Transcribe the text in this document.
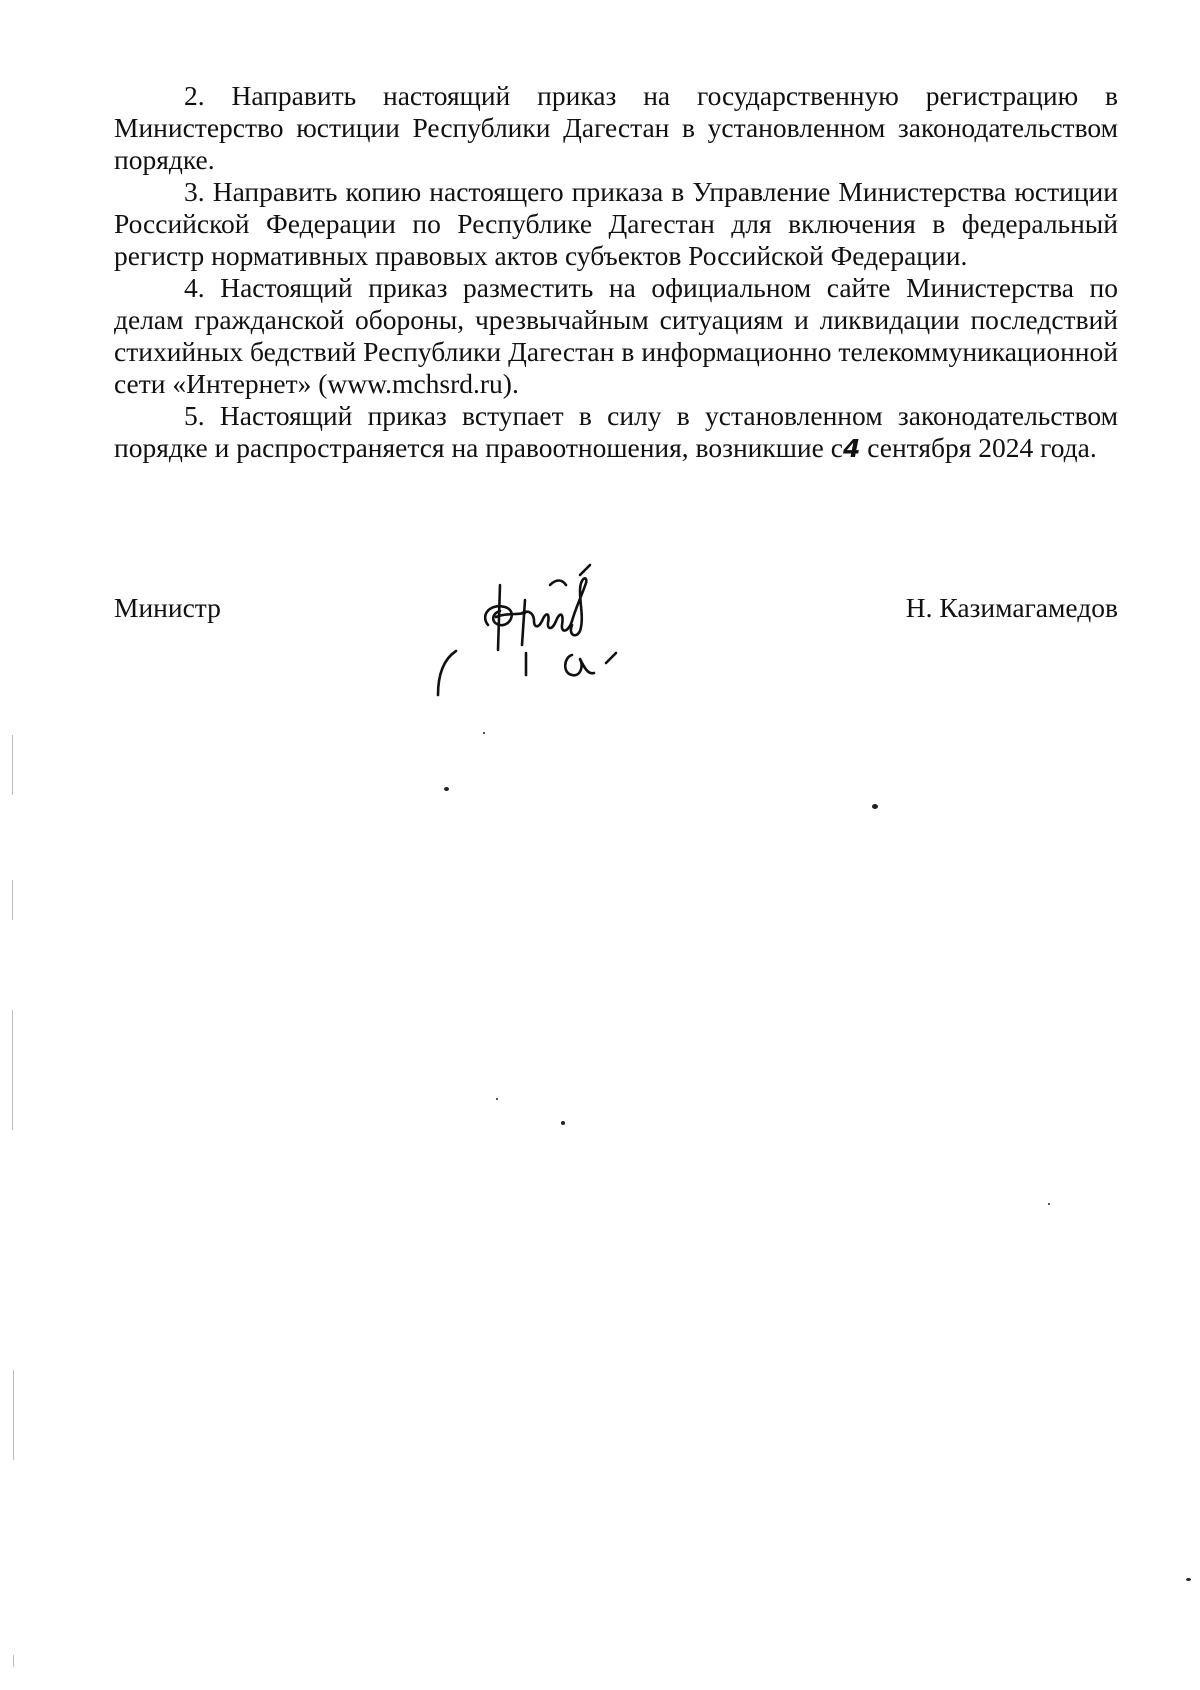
2. Направить настоящий приказ на государственную регистрацию в Министерство юстиции Республики Дагестан в установленном законодательством порядке.

3. Направить копию настоящего приказа в Управление Министерства юстиции Российской Федерации по Республике Дагестан для включения в федеральный регистр нормативных правовых актов субъектов Российской Федерации.

4. Настоящий приказ разместить на официальном сайте Министерства по делам гражданской обороны, чрезвычайным ситуациям и ликвидации последствий стихийных бедствий Республики Дагестан в информационно телекоммуникационной сети «Интернет» (www.mchsrd.ru).

5. Настоящий приказ вступает в силу в установленном законодательством порядке и распространяется на правоотношения, возникшие с4 сентября 2024 года.

Министр	Н. Казимагамедов
